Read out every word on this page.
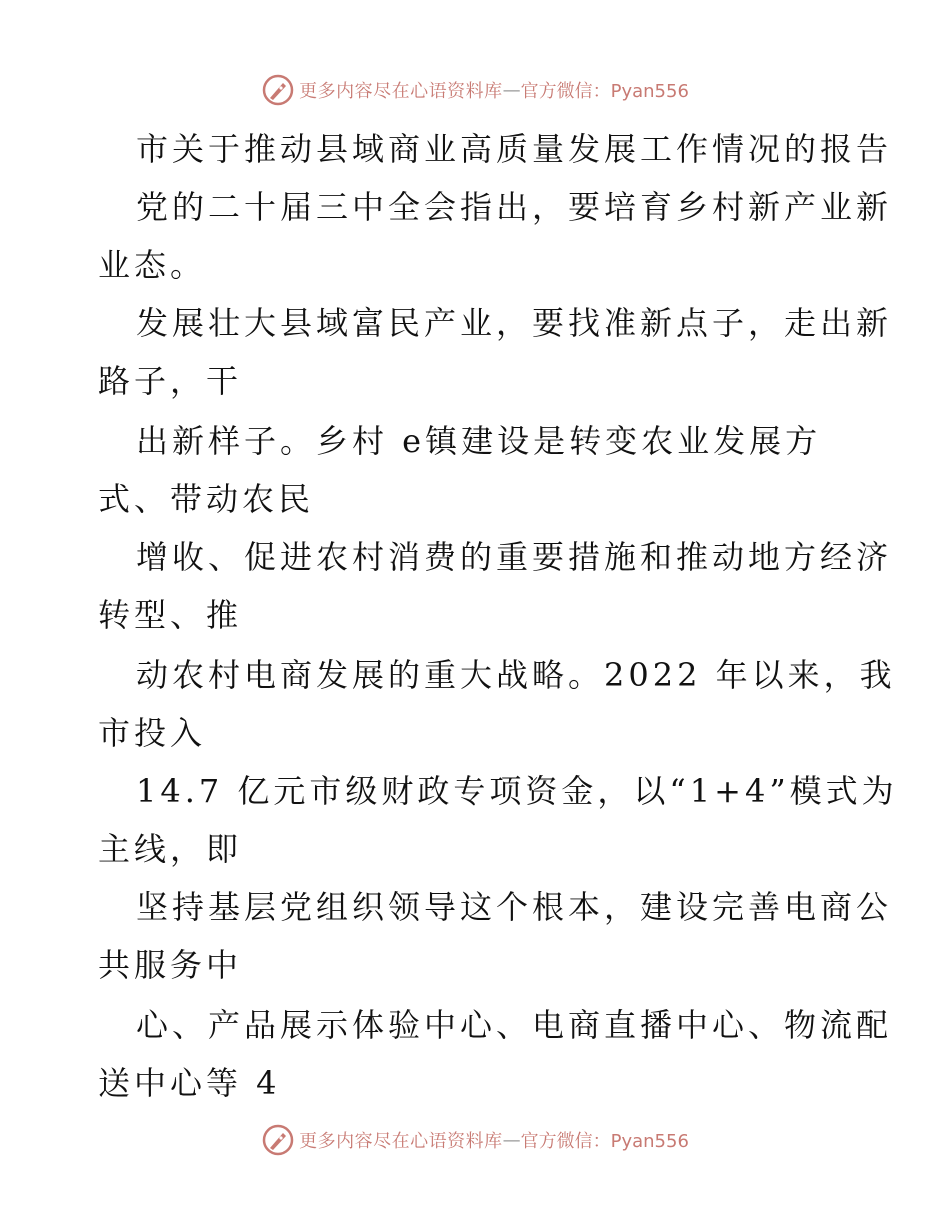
更多内容尽在心语资料库 — 官方微信：Pyan556
市关于推动县域商业高质量发展工作情况的报告
党的二十届三中全会指出，要培育乡村新产业新
业态。
发展壮大县域富民产业，要找准新点子，走出新
路子，干
出新样子。乡村 e镇建设是转变农业发展方
式、带动农民
增收、促进农村消费的重要措施和推动地方经济
转型、推
动农村电商发展的重大战略。2022 年以来，我
市投入
14.7 亿元市级财政专项资金，以“1+4”模式为
主线，即
坚持基层党组织领导这个根本，建设完善电商公
共服务中
心、产品展示体验中心、电商直播中心、物流配
送中心等 4
更多内容尽在心语资料库 — 官方微信：Pyan556
